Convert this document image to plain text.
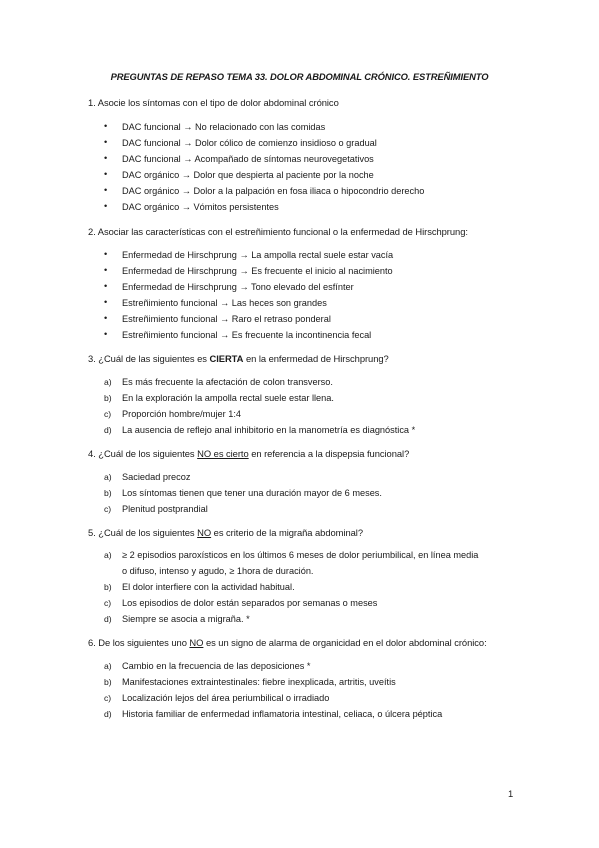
PREGUNTAS DE REPASO TEMA 33. DOLOR ABDOMINAL CRÓNICO. ESTREÑIMIENTO
1. Asocie los síntomas con el tipo de dolor abdominal crónico
• DAC funcional → No relacionado con las comidas
• DAC funcional → Dolor cólico de comienzo insidioso o gradual
• DAC funcional → Acompañado de síntomas neurovegetativos
• DAC orgánico → Dolor que despierta al paciente por la noche
• DAC orgánico → Dolor a la palpación en fosa iliaca o hipocondrio derecho
• DAC orgánico → Vómitos persistentes
2. Asociar las características con el estreñimiento funcional o la enfermedad de Hirschprung:
• Enfermedad de Hirschprung → La ampolla rectal suele estar vacía
• Enfermedad de Hirschprung → Es frecuente el inicio al nacimiento
• Enfermedad de Hirschprung → Tono elevado del esfínter
• Estreñimiento funcional → Las heces son grandes
• Estreñimiento funcional → Raro el retraso ponderal
• Estreñimiento funcional → Es frecuente la incontinencia fecal
3. ¿Cuál de las siguientes es CIERTA en la enfermedad de Hirschprung?
a) Es más frecuente la afectación de colon transverso.
b) En la exploración la ampolla rectal suele estar llena.
c) Proporción hombre/mujer 1:4
d) La ausencia de reflejo anal inhibitorio en la manometría es diagnóstica *
4. ¿Cuál de los siguientes NO es cierto en referencia a la dispepsia funcional?
a) Saciedad precoz
b) Los síntomas tienen que tener una duración mayor de 6 meses.
c) Plenitud postprandial
5. ¿Cuál de los siguientes NO es criterio de la migraña abdominal?
a) ≥ 2 episodios paroxísticos en los últimos 6 meses de dolor periumbilical, en línea media
o difuso, intenso y agudo, ≥ 1hora de duración.
b) El dolor interfiere con la actividad habitual.
c) Los episodios de dolor están separados por semanas o meses
d) Siempre se asocia a migraña. *
6. De los siguientes uno NO es un signo de alarma de organicidad en el dolor abdominal crónico:
a) Cambio en la frecuencia de las deposiciones *
b) Manifestaciones extraintestinales: fiebre inexplicada, artritis, uveítis
c) Localización lejos del área periumbilical o irradiado
d) Historia familiar de enfermedad inflamatoria intestinal, celiaca, o úlcera péptica
1
